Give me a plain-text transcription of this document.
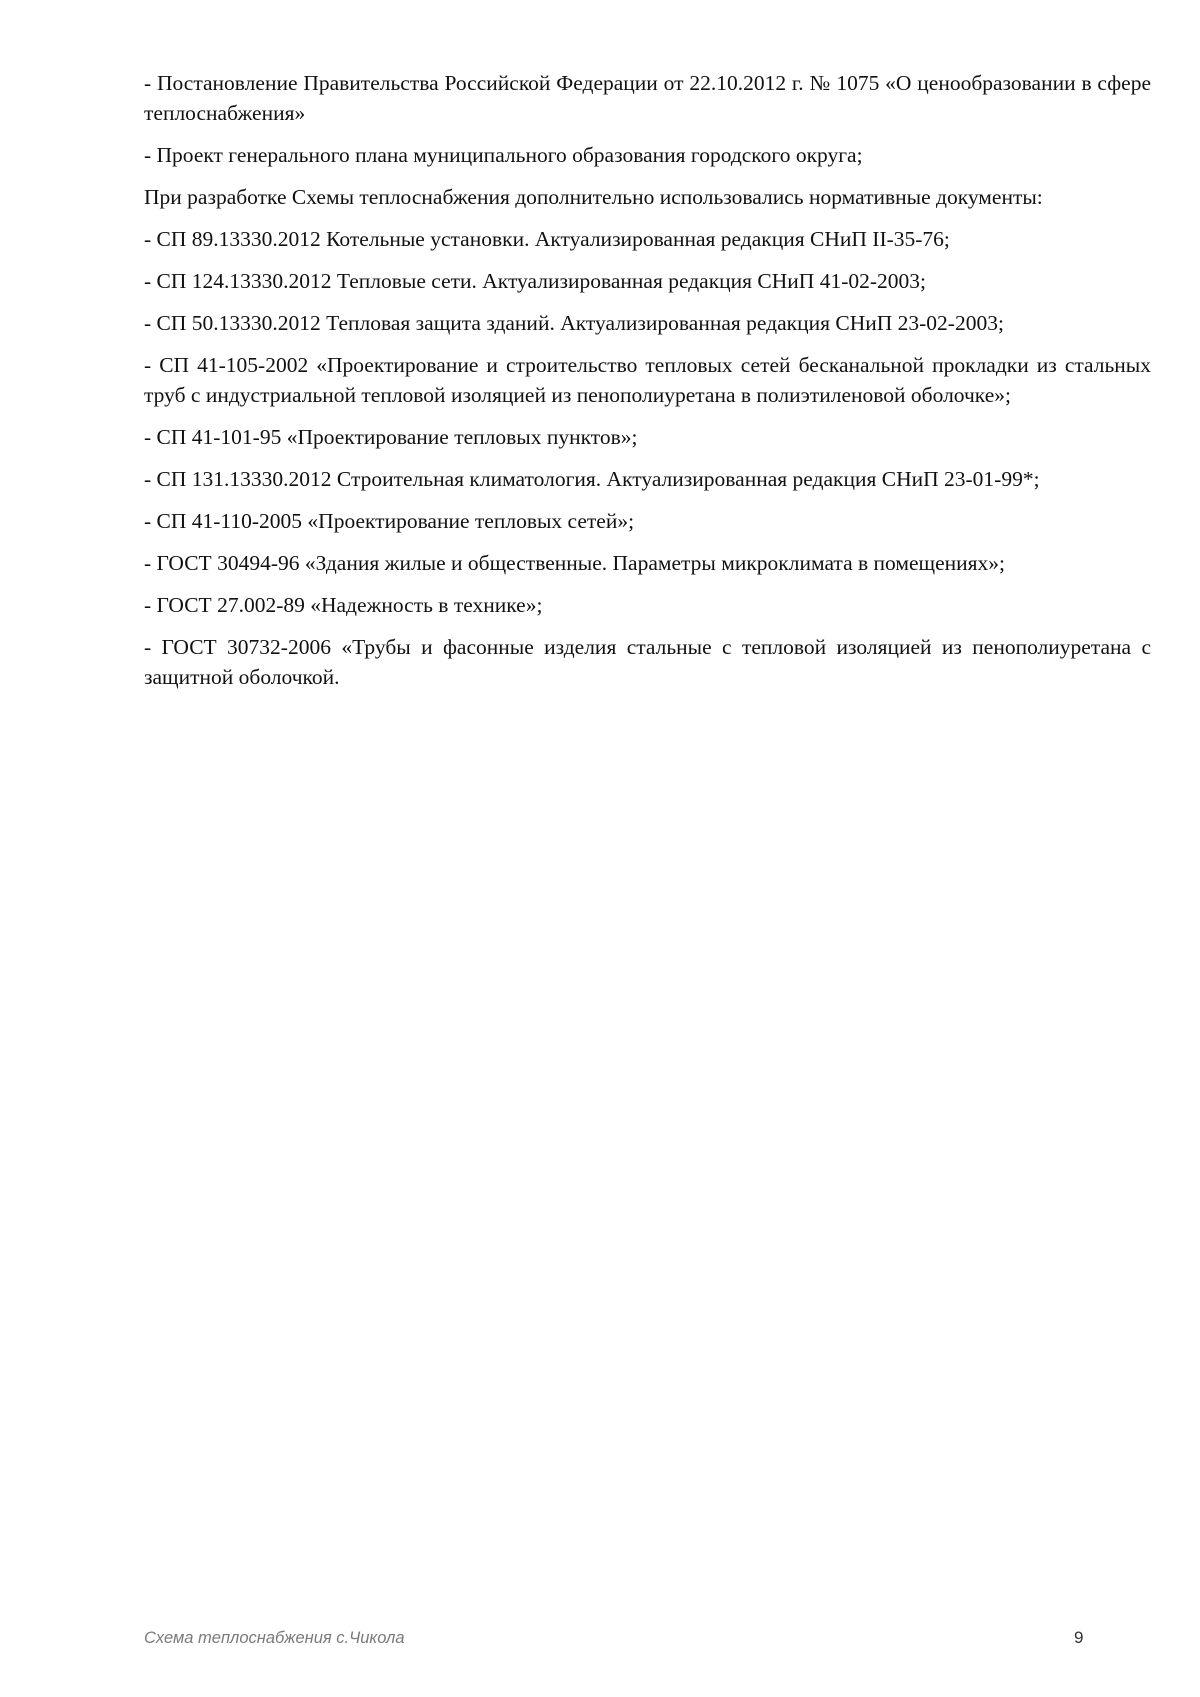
- Постановление Правительства Российской Федерации от 22.10.2012 г. № 1075 «О ценообразовании в сфере теплоснабжения»

- Проект генерального плана муниципального образования городского округа;

При разработке Схемы теплоснабжения дополнительно использовались нормативные документы:

- СП 89.13330.2012 Котельные установки. Актуализированная редакция СНиП II-35-76;

- СП 124.13330.2012 Тепловые сети. Актуализированная редакция СНиП 41-02-2003;

- СП 50.13330.2012 Тепловая защита зданий. Актуализированная редакция СНиП 23-02-2003;

- СП 41-105-2002 «Проектирование и строительство тепловых сетей бесканальной прокладки из стальных труб с индустриальной тепловой изоляцией из пенополиуретана в полиэтиленовой оболочке»;

- СП 41-101-95 «Проектирование тепловых пунктов»;

- СП 131.13330.2012 Строительная климатология. Актуализированная редакция СНиП 23-01-99*;

- СП 41-110-2005 «Проектирование тепловых сетей»;

- ГОСТ 30494-96 «Здания жилые и общественные. Параметры микроклимата в помещениях»;

- ГОСТ 27.002-89 «Надежность в технике»;

- ГОСТ 30732-2006 «Трубы и фасонные изделия стальные с тепловой изоляцией из пенополиуретана с защитной оболочкой.

Схема теплоснабжения с.Чикола	9
